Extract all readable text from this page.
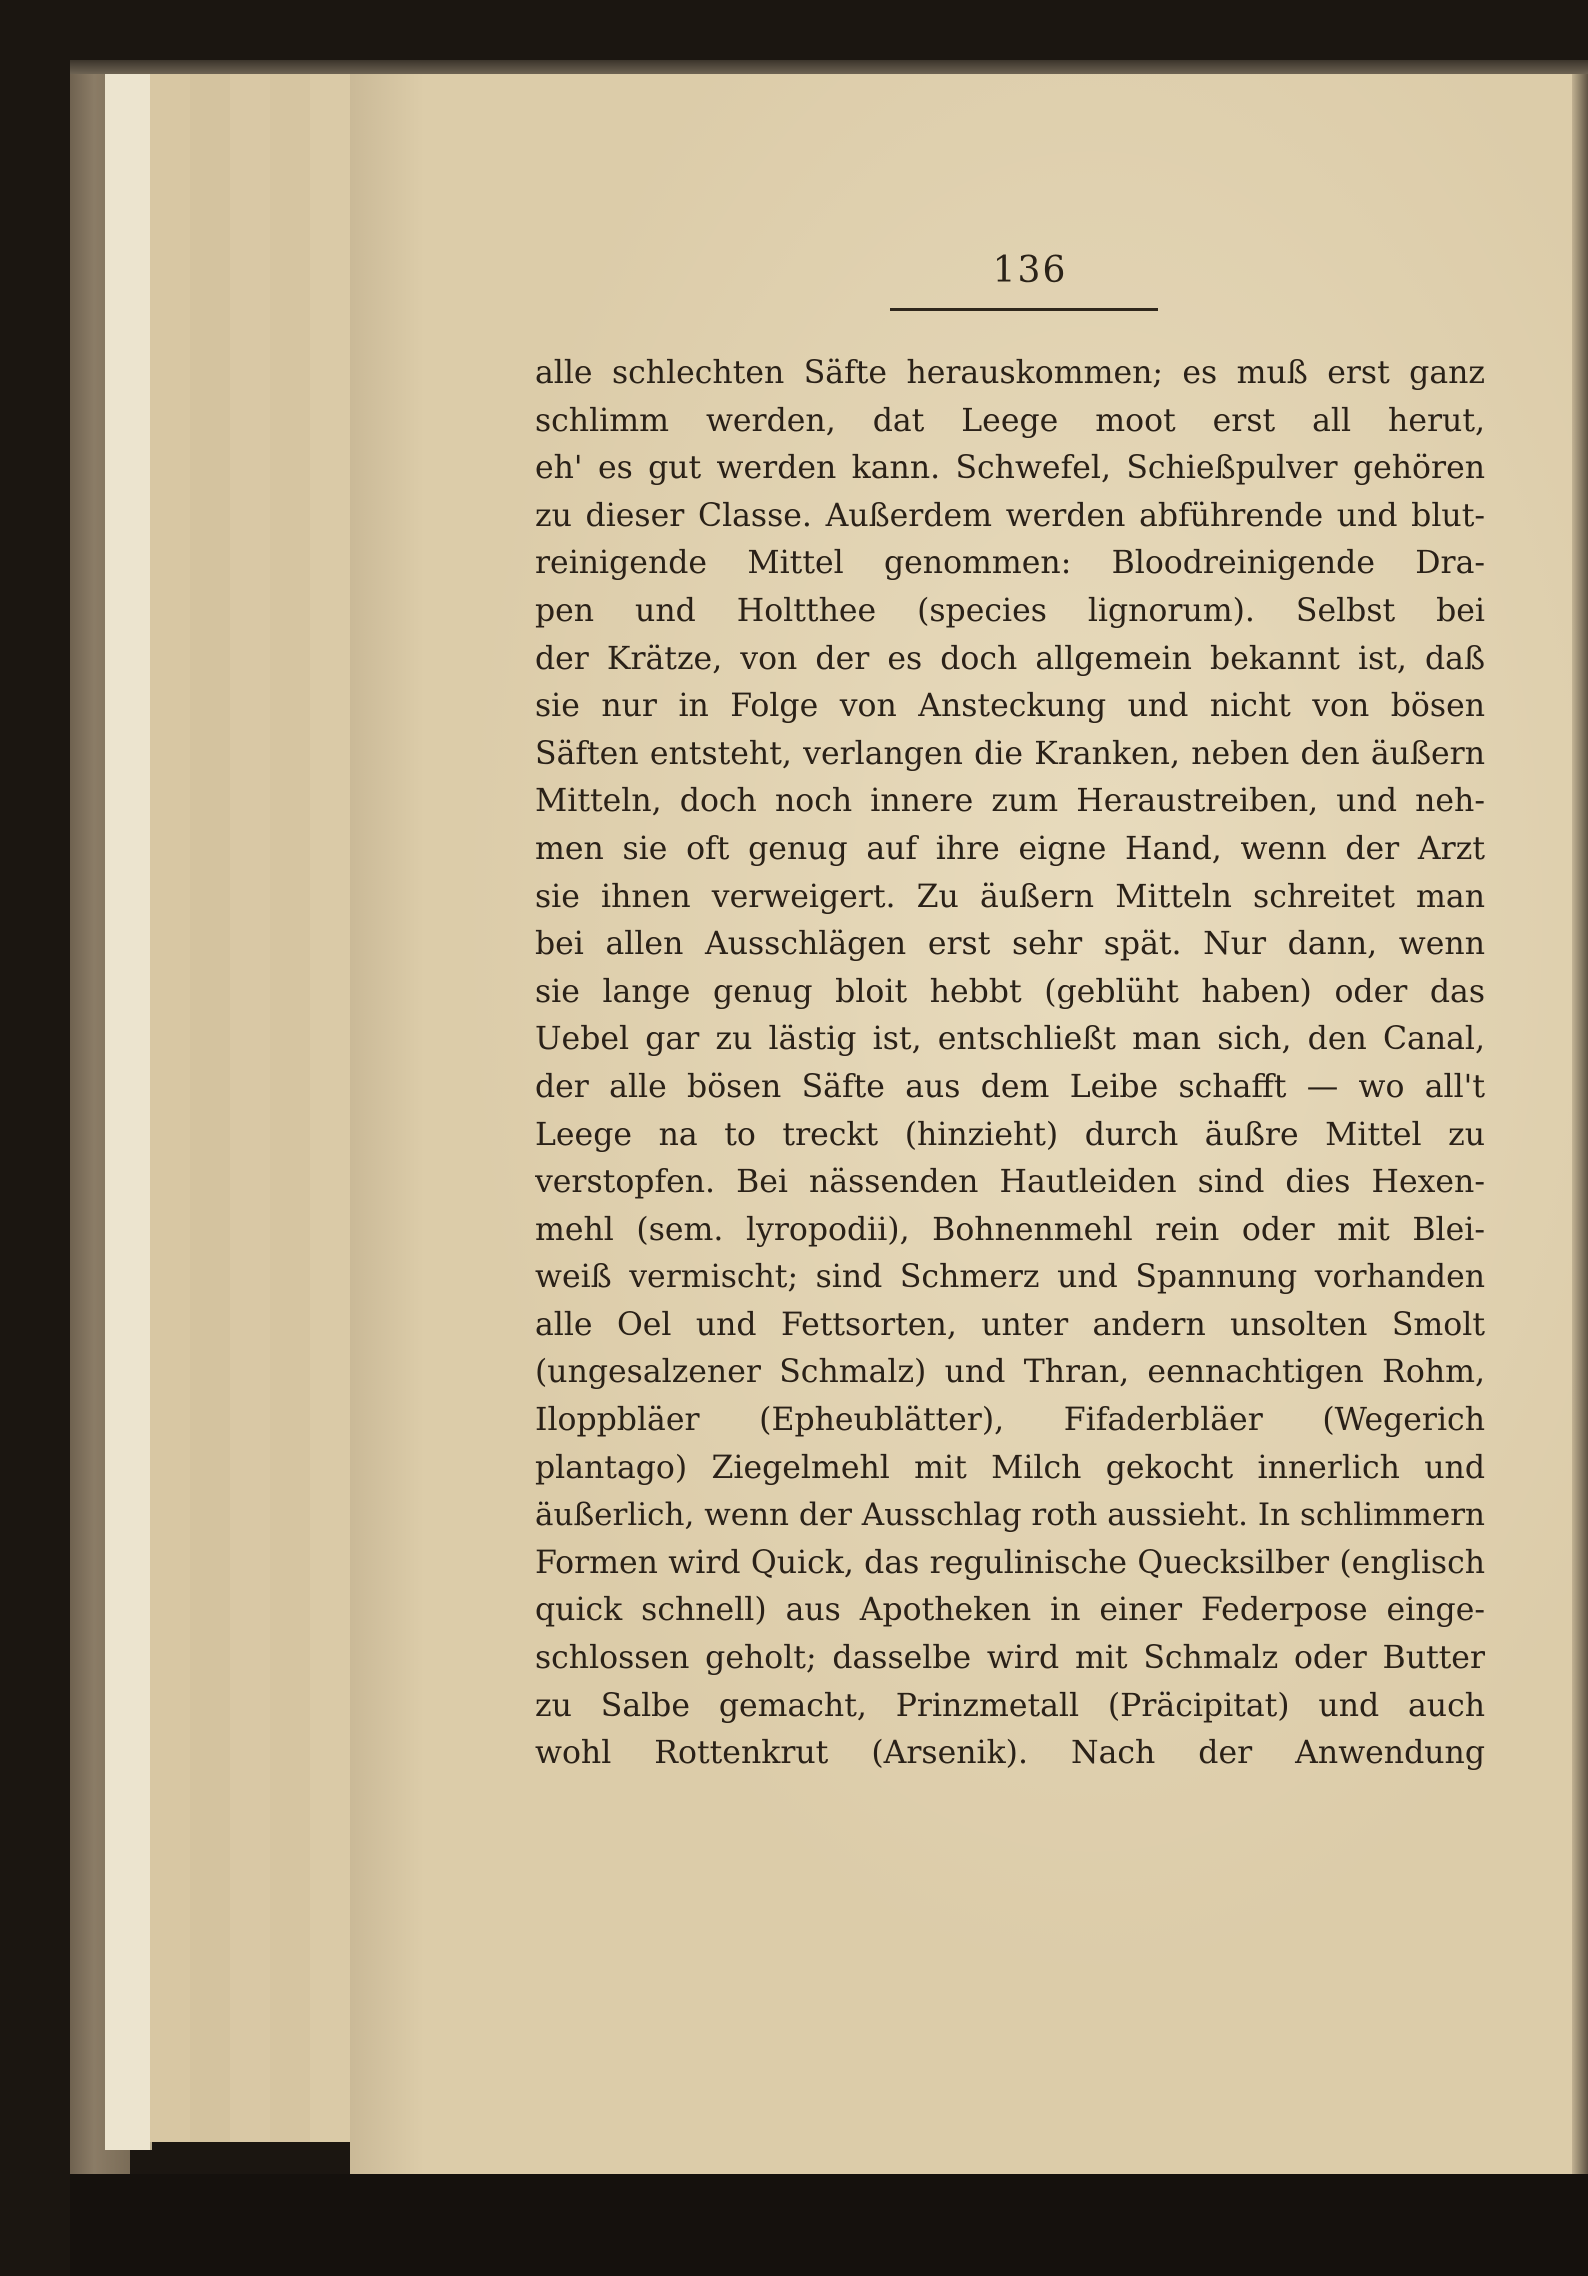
136
alle schlechten Säfte herauskommen; es muß erst ganz
schlimm werden, dat Leege moot erst all herut,
eh' es gut werden kann. Schwefel, Schießpulver gehören
zu dieser Classe. Außerdem werden abführende und blut-
reinigende Mittel genommen: Bloodreinigende Dra-
pen und Holtthee (species lignorum). Selbst bei
der Krätze, von der es doch allgemein bekannt ist, daß
sie nur in Folge von Ansteckung und nicht von bösen
Säften entsteht, verlangen die Kranken, neben den äußern
Mitteln, doch noch innere zum Heraustreiben, und neh-
men sie oft genug auf ihre eigne Hand, wenn der Arzt
sie ihnen verweigert. Zu äußern Mitteln schreitet man
bei allen Ausschlägen erst sehr spät. Nur dann, wenn
sie lange genug bloit hebbt (geblüht haben) oder das
Uebel gar zu lästig ist, entschließt man sich, den Canal,
der alle bösen Säfte aus dem Leibe schafft — wo all't
Leege na to treckt (hinzieht) durch äußre Mittel zu
verstopfen. Bei nässenden Hautleiden sind dies Hexen-
mehl (sem. lyropodii), Bohnenmehl rein oder mit Blei-
weiß vermischt; sind Schmerz und Spannung vorhanden
alle Oel und Fettsorten, unter andern unsolten Smolt
(ungesalzener Schmalz) und Thran, eennachtigen Rohm,
Iloppbläer (Epheublätter), Fifaderbläer (Wegerich
plantago) Ziegelmehl mit Milch gekocht innerlich und
äußerlich, wenn der Ausschlag roth aussieht. In schlimmern
Formen wird Quick, das regulinische Quecksilber (englisch
quick schnell) aus Apotheken in einer Federpose einge-
schlossen geholt; dasselbe wird mit Schmalz oder Butter
zu Salbe gemacht, Prinzmetall (Präcipitat) und auch
wohl Rottenkrut (Arsenik). Nach der Anwendung
